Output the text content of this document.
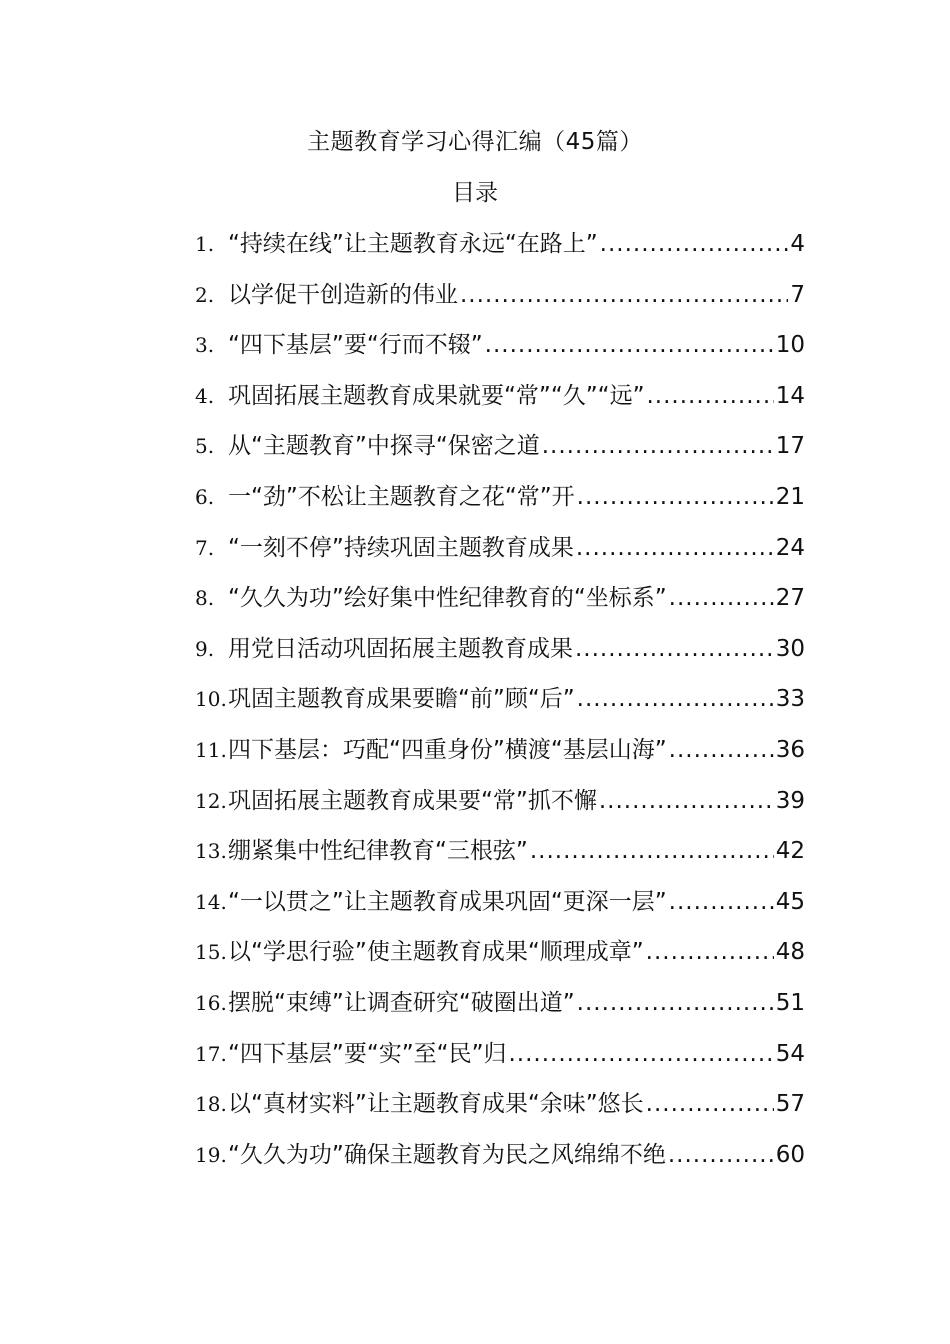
主题教育学习心得汇编（45篇）
目录
1. “持续在线”让主题教育永远“在路上” .....	4
2. 以学促干创造新的伟业 .....	7
3. “四下基层”要“行而不辍” .....	10
4. 巩固拓展主题教育成果就要“常”“久”“远” .....	14
5. 从“主题教育”中探寻“保密之道 .....	17
6. 一“劲”不松让主题教育之花“常”开 .....	21
7. “一刻不停”持续巩固主题教育成果 .....	24
8. “久久为功”绘好集中性纪律教育的“坐标系” .....	27
9. 用党日活动巩固拓展主题教育成果 .....	30
10. 巩固主题教育成果要瞻“前”顾“后” .....	33
11. 四下基层：巧配“四重身份”横渡“基层山海” .....	36
12. 巩固拓展主题教育成果要“常”抓不懈 .....	39
13. 绷紧集中性纪律教育“三根弦” .....	42
14. “一以贯之”让主题教育成果巩固“更深一层” .....	45
15. 以“学思行验”使主题教育成果“顺理成章” .....	48
16. 摆脱“束缚”让调查研究“破圈出道” .....	51
17. “四下基层”要“实”至“民”归 .....	54
18. 以“真材实料”让主题教育成果“余味”悠长 .....	57
19. “久久为功”确保主题教育为民之风绵绵不绝 .....	60
